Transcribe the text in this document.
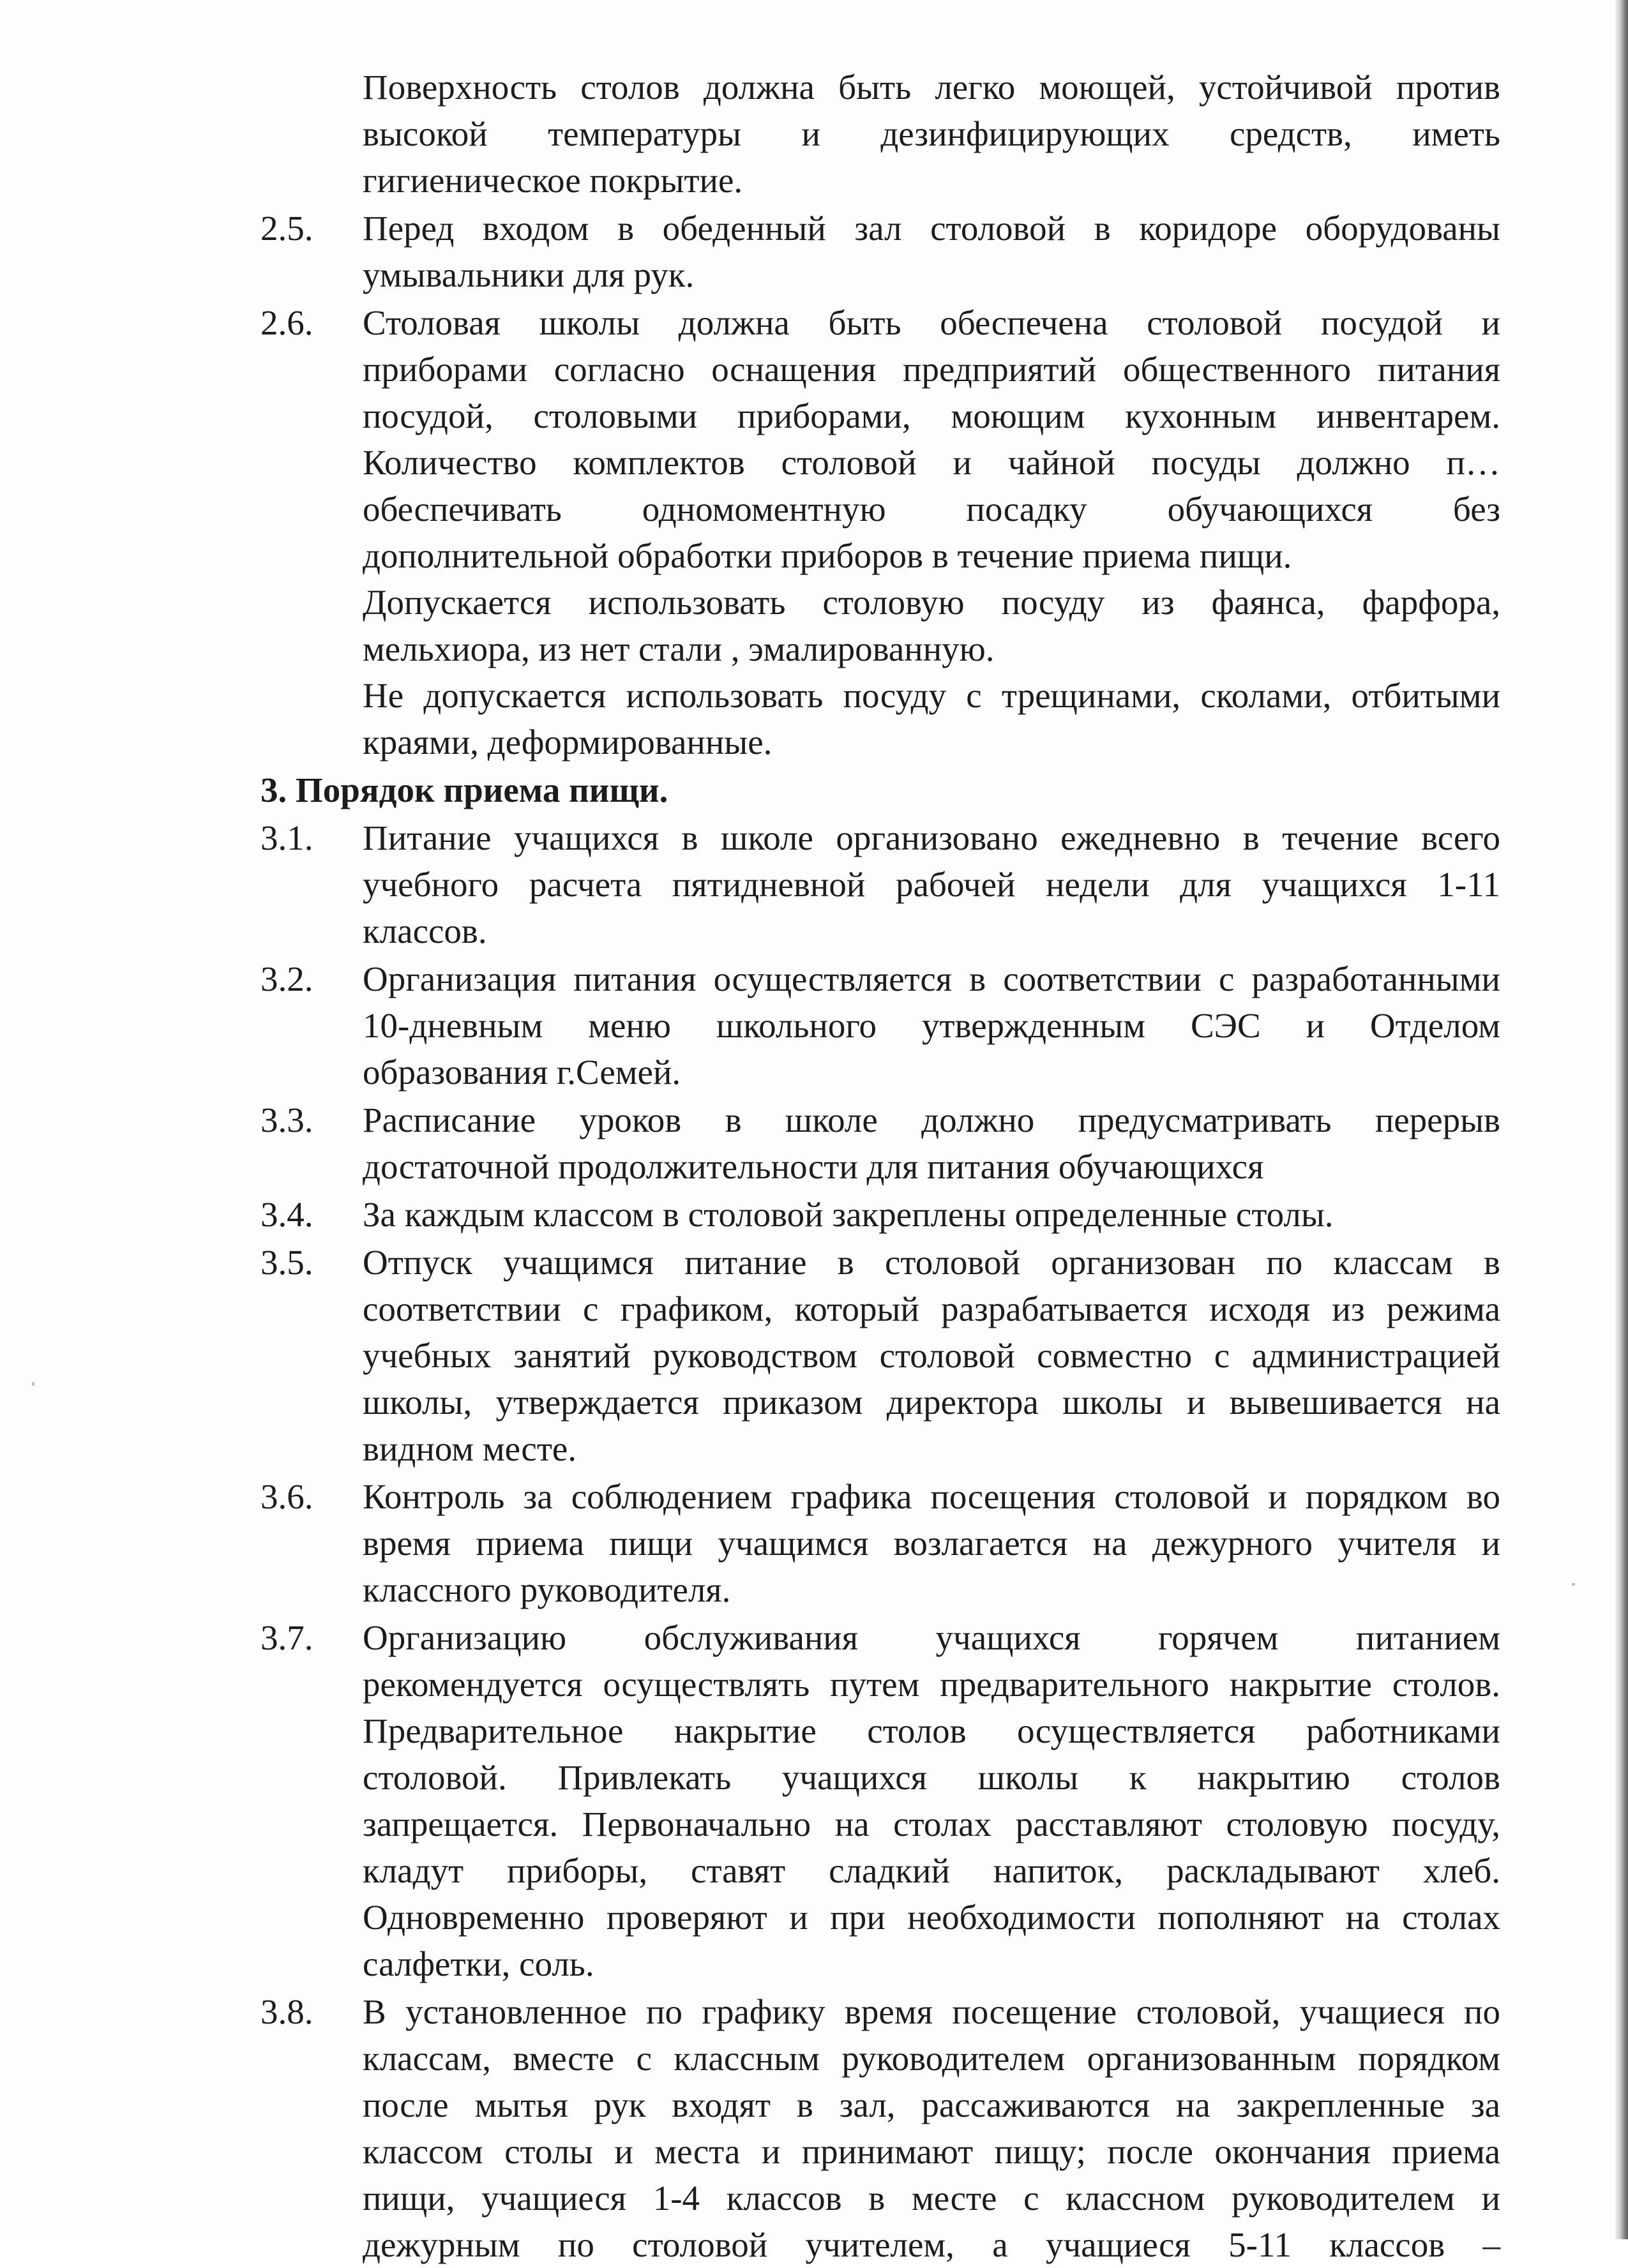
Поверхность столов должна быть легко моющей, устойчивой против
высокой температуры и дезинфицирующих средств, иметь
гигиеническое покрытие.
2.5. Перед входом в обеденный зал столовой в коридоре оборудованы
умывальники для рук.
2.6. Столовая школы должна быть обеспечена столовой посудой и
приборами согласно оснащения предприятий общественного питания
посудой, столовыми приборами, моющим кухонным инвентарем.
Количество комплектов столовой и чайной посуды должно п…
обеспечивать одномоментную посадку обучающихся без
дополнительной обработки приборов в течение приема пищи.
Допускается использовать столовую посуду из фаянса, фарфора,
мельхиора, из нет стали , эмалированную.
Не допускается использовать посуду с трещинами, сколами, отбитыми
краями, деформированные.
3. Порядок приема пищи.
3.1. Питание учащихся в школе организовано ежедневно в течение всего
учебного расчета пятидневной рабочей недели для учащихся 1-11
классов.
3.2. Организация питания осуществляется в соответствии с разработанными
10-дневным меню школьного утвержденным СЭС и Отделом
образования г.Семей.
3.3. Расписание уроков в школе должно предусматривать перерыв
достаточной продолжительности для питания обучающихся
3.4. За каждым классом в столовой закреплены определенные столы.
3.5. Отпуск учащимся питание в столовой организован по классам в
соответствии с графиком, который разрабатывается исходя из режима
учебных занятий руководством столовой совместно с администрацией
школы, утверждается приказом директора школы и вывешивается на
видном месте.
3.6. Контроль за соблюдением графика посещения столовой и порядком во
время приема пищи учащимся возлагается на дежурного учителя и
классного руководителя.
3.7. Организацию обслуживания учащихся горячем питанием
рекомендуется осуществлять путем предварительного накрытие столов.
Предварительное накрытие столов осуществляется работниками
столовой. Привлекать учащихся школы к накрытию столов
запрещается. Первоначально на столах расставляют столовую посуду,
кладут приборы, ставят сладкий напиток, раскладывают хлеб.
Одновременно проверяют и при необходимости пополняют на столах
салфетки, соль.
3.8. В установленное по графику время посещение столовой, учащиеся по
классам, вместе с классным руководителем организованным порядком
после мытья рук входят в зал, рассаживаются на закрепленные за
классом столы и места и принимают пищу; после окончания приема
пищи, учащиеся 1-4 классов в месте с классном руководителем и
дежурным по столовой учителем, а учащиеся 5-11 классов –
